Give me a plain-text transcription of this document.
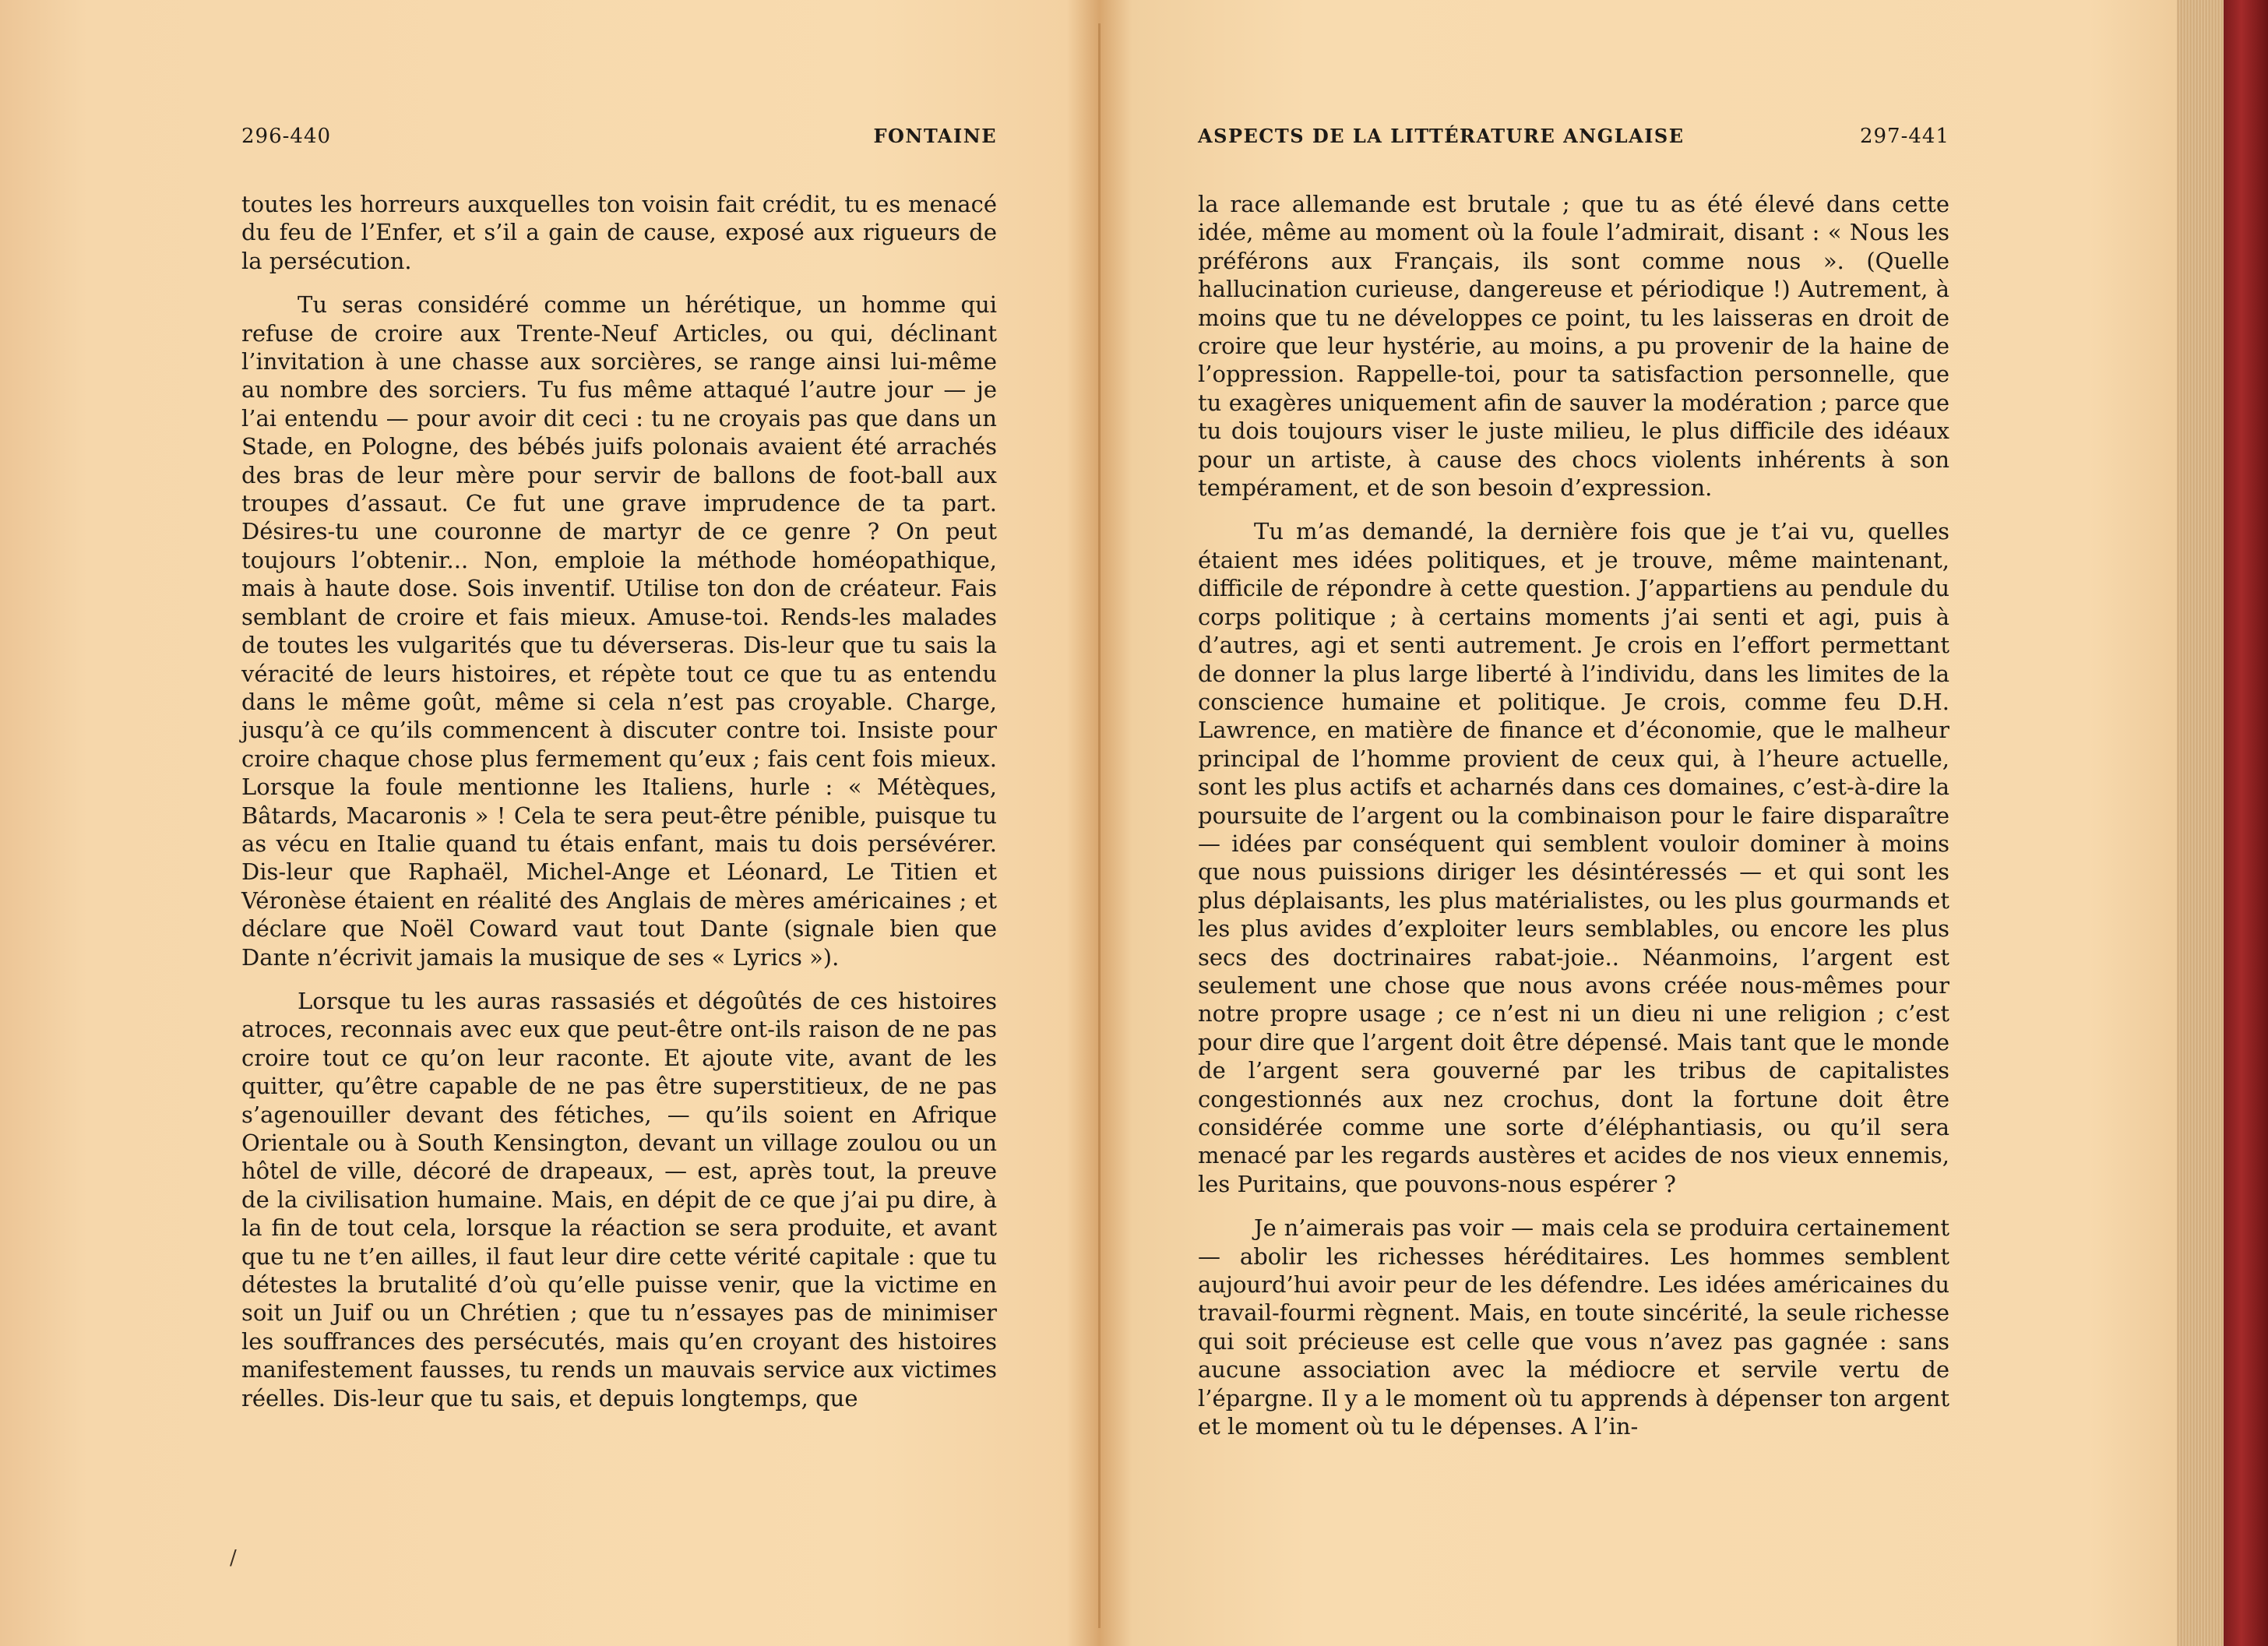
296-440	FONTAINE

toutes les horreurs auxquelles ton voisin fait crédit, tu es menacé du feu de l’Enfer, et s’il a gain de cause, exposé aux rigueurs de la persécution.

Tu seras considéré comme un hérétique, un homme qui refuse de croire aux Trente-Neuf Articles, ou qui, déclinant l’invitation à une chasse aux sorcières, se range ainsi lui-même au nombre des sorciers. Tu fus même attaqué l’autre jour — je l’ai entendu — pour avoir dit ceci : tu ne croyais pas que dans un Stade, en Pologne, des bébés juifs polonais avaient été arrachés des bras de leur mère pour servir de ballons de foot-ball aux troupes d’assaut. Ce fut une grave imprudence de ta part. Désires-tu une couronne de martyr de ce genre ? On peut toujours l’obtenir... Non, emploie la méthode homéopathique, mais à haute dose. Sois inventif. Utilise ton don de créateur. Fais semblant de croire et fais mieux. Amuse-toi. Rends-les malades de toutes les vulgarités que tu déverseras. Dis-leur que tu sais la véracité de leurs histoires, et répète tout ce que tu as entendu dans le même goût, même si cela n’est pas croyable. Charge, jusqu’à ce qu’ils commencent à discuter contre toi. Insiste pour croire chaque chose plus fermement qu’eux ; fais cent fois mieux. Lorsque la foule mentionne les Italiens, hurle : « Métèques, Bâtards, Macaronis » ! Cela te sera peut-être pénible, puisque tu as vécu en Italie quand tu étais enfant, mais tu dois persévérer. Dis-leur que Raphaël, Michel-Ange et Léonard, Le Titien et Véronèse étaient en réalité des Anglais de mères américaines ; et déclare que Noël Coward vaut tout Dante (signale bien que Dante n’écrivit jamais la musique de ses « Lyrics »).

Lorsque tu les auras rassasiés et dégoûtés de ces histoires atroces, reconnais avec eux que peut-être ont-ils raison de ne pas croire tout ce qu’on leur raconte. Et ajoute vite, avant de les quitter, qu’être capable de ne pas être superstitieux, de ne pas s’agenouiller devant des fétiches, — qu’ils soient en Afrique Orientale ou à South Kensington, devant un village zoulou ou un hôtel de ville, décoré de drapeaux, — est, après tout, la preuve de la civilisation humaine. Mais, en dépit de ce que j’ai pu dire, à la fin de tout cela, lorsque la réaction se sera produite, et avant que tu ne t’en ailles, il faut leur dire cette vérité capitale : que tu détestes la brutalité d’où qu’elle puisse venir, que la victime en soit un Juif ou un Chrétien ; que tu n’essayes pas de minimiser les souffrances des persécutés, mais qu’en croyant des histoires manifestement fausses, tu rends un mauvais service aux victimes réelles. Dis-leur que tu sais, et depuis longtemps, que

ASPECTS DE LA LITTÉRATURE ANGLAISE	297-441

la race allemande est brutale ; que tu as été élevé dans cette idée, même au moment où la foule l’admirait, disant : « Nous les préférons aux Français, ils sont comme nous ». (Quelle hallucination curieuse, dangereuse et périodique !) Autrement, à moins que tu ne développes ce point, tu les laisseras en droit de croire que leur hystérie, au moins, a pu provenir de la haine de l’oppression. Rappelle-toi, pour ta satisfaction personnelle, que tu exagères uniquement afin de sauver la modération ; parce que tu dois toujours viser le juste milieu, le plus difficile des idéaux pour un artiste, à cause des chocs violents inhérents à son tempérament, et de son besoin d’expression.

Tu m’as demandé, la dernière fois que je t’ai vu, quelles étaient mes idées politiques, et je trouve, même maintenant, difficile de répondre à cette question. J’appartiens au pendule du corps politique ; à certains moments j’ai senti et agi, puis à d’autres, agi et senti autrement. Je crois en l’effort permettant de donner la plus large liberté à l’individu, dans les limites de la conscience humaine et politique. Je crois, comme feu D.H. Lawrence, en matière de finance et d’économie, que le malheur principal de l’homme provient de ceux qui, à l’heure actuelle, sont les plus actifs et acharnés dans ces domaines, c’est-à-dire la poursuite de l’argent ou la combinaison pour le faire disparaître — idées par conséquent qui semblent vouloir dominer à moins que nous puissions diriger les désintéressés — et qui sont les plus déplaisants, les plus matérialistes, ou les plus gourmands et les plus avides d’exploiter leurs semblables, ou encore les plus secs des doctrinaires rabat-joie.. Néanmoins, l’argent est seulement une chose que nous avons créée nous-mêmes pour notre propre usage ; ce n’est ni un dieu ni une religion ; c’est pour dire que l’argent doit être dépensé. Mais tant que le monde de l’argent sera gouverné par les tribus de capitalistes congestionnés aux nez crochus, dont la fortune doit être considérée comme une sorte d’éléphantiasis, ou qu’il sera menacé par les regards austères et acides de nos vieux ennemis, les Puritains, que pouvons-nous espérer ?

Je n’aimerais pas voir — mais cela se produira certainement — abolir les richesses héréditaires. Les hommes semblent aujourd’hui avoir peur de les défendre. Les idées américaines du travail-fourmi règnent. Mais, en toute sincérité, la seule richesse qui soit précieuse est celle que vous n’avez pas gagnée : sans aucune association avec la médiocre et servile vertu de l’épargne. Il y a le moment où tu apprends à dépenser ton argent et le moment où tu le dépenses. A l’in-

/
